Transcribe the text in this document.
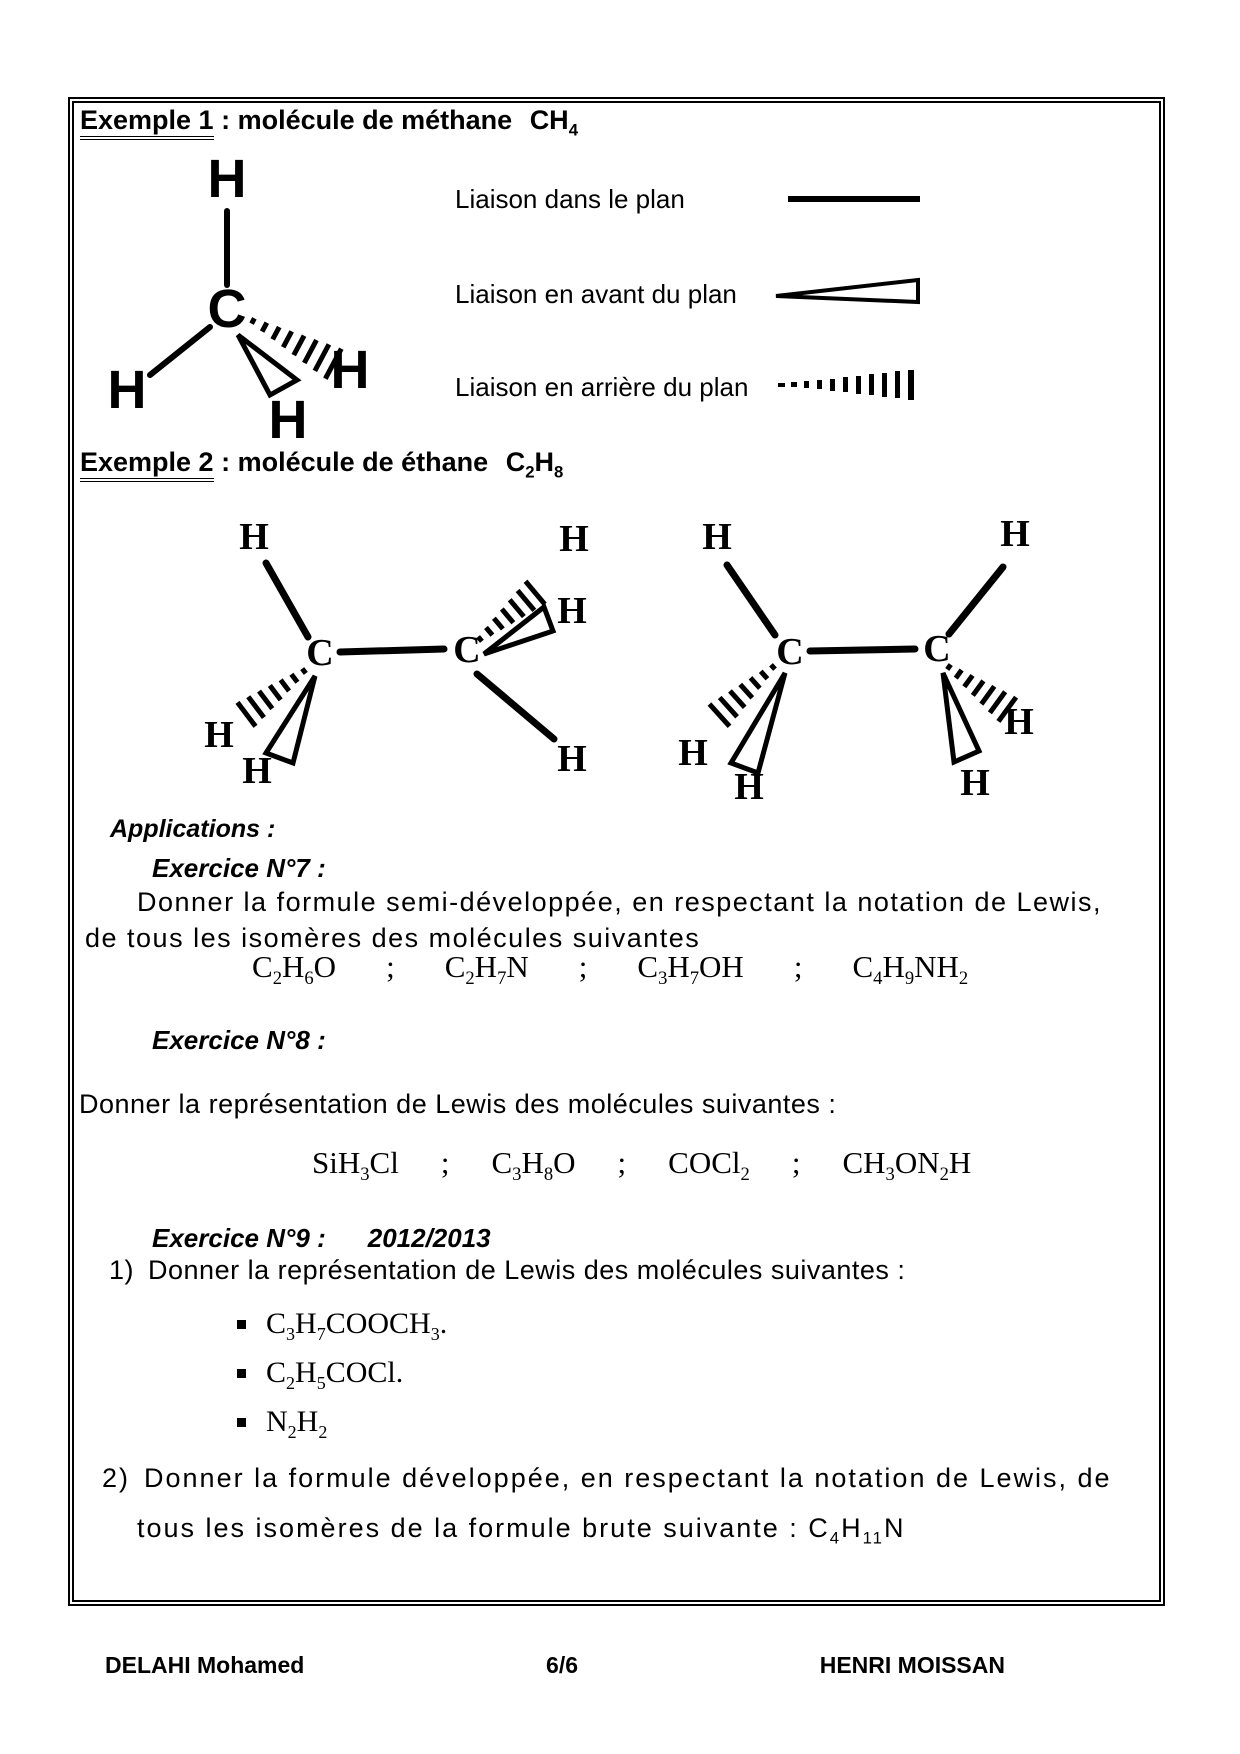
Exemple 1 : molécule de méthane $CH_4$
H
C
H	H
H
Liaison dans le plan
Liaison en avant du plan
Liaison en arrière du plan
Exemple 2 : molécule de éthane $C_2H_8$
C	C
H
H
H
H
H
H
C	C
H
H
H
H
H
H
Applications :
Exercice N°7 :
Donner la formule semi-développée, en respectant la notation de Lewis,
de tous les isomères des molécules suivantes
$C_2H_6O$ ; $C_2H_7N$ ; $C_3H_7OH$ ; $C_4H_9NH_2$
Exercice N°8 :
Donner la représentation de Lewis des molécules suivantes :
SiH$_3$Cl ; $C_3H_8O$ ; COCl$_2$ ; $CH_3ON_2H$
Exercice N°9 : 2012/2013
1) Donner la représentation de Lewis des molécules suivantes :
$C_3H_7COOCH_3$.
$C_2H_5COCl$.
$N_2H_2$
2) Donner la formule développée, en respectant la notation de Lewis, de
tous les isomères de la formule brute suivante : $C_4H_{11}N$
DELAHI Mohamed	6/6	HENRI MOISSAN
